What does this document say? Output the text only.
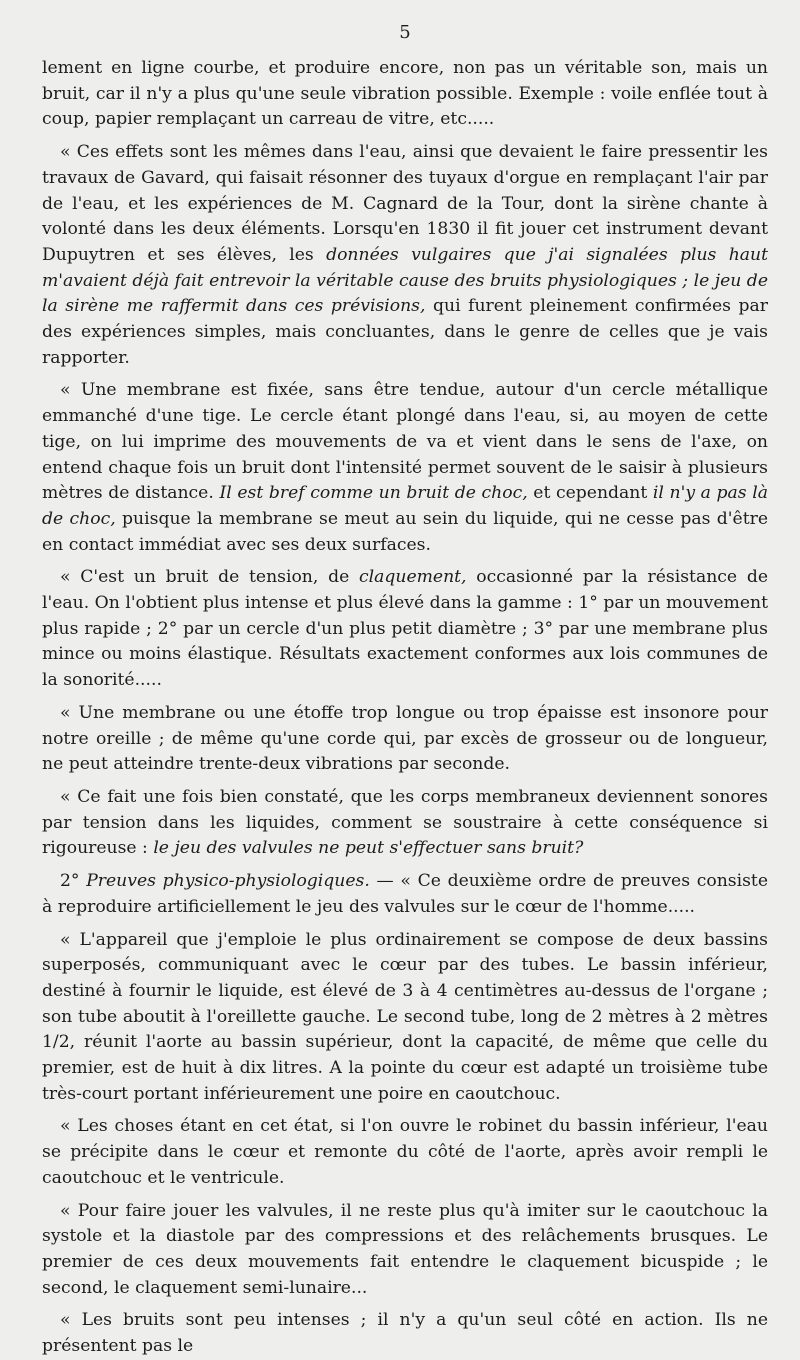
5

lement en ligne courbe, et produire encore, non pas un véritable son, mais un bruit, car il n'y a plus qu'une seule vibration possible. Exemple : voile enflée tout à coup, papier remplaçant un carreau de vitre, etc.....

« Ces effets sont les mêmes dans l'eau, ainsi que devaient le faire pressentir les travaux de Gavard, qui faisait résonner des tuyaux d'orgue en remplaçant l'air par de l'eau, et les expériences de M. Cagnard de la Tour, dont la sirène chante à volonté dans les deux éléments. Lorsqu'en 1830 il fit jouer cet instrument devant Dupuytren et ses élèves, les données vulgaires que j'ai signalées plus haut m'avaient déjà fait entrevoir la véritable cause des bruits physiologiques ; le jeu de la sirène me raffermit dans ces prévisions, qui furent pleinement confirmées par des expériences simples, mais concluantes, dans le genre de celles que je vais rapporter.

« Une membrane est fixée, sans être tendue, autour d'un cercle métallique emmanché d'une tige. Le cercle étant plongé dans l'eau, si, au moyen de cette tige, on lui imprime des mouvements de va et vient dans le sens de l'axe, on entend chaque fois un bruit dont l'intensité permet souvent de le saisir à plusieurs mètres de distance. Il est bref comme un bruit de choc, et cependant il n'y a pas là de choc, puisque la membrane se meut au sein du liquide, qui ne cesse pas d'être en contact immédiat avec ses deux surfaces.

« C'est un bruit de tension, de claquement, occasionné par la résistance de l'eau. On l'obtient plus intense et plus élevé dans la gamme : 1° par un mouvement plus rapide ; 2° par un cercle d'un plus petit diamètre ; 3° par une membrane plus mince ou moins élastique. Résultats exactement conformes aux lois communes de la sonorité.....

« Une membrane ou une étoffe trop longue ou trop épaisse est insonore pour notre oreille ; de même qu'une corde qui, par excès de grosseur ou de longueur, ne peut atteindre trente-deux vibrations par seconde.

« Ce fait une fois bien constaté, que les corps membraneux deviennent sonores par tension dans les liquides, comment se soustraire à cette conséquence si rigoureuse : le jeu des valvules ne peut s'effectuer sans bruit?

2° Preuves physico-physiologiques. — « Ce deuxième ordre de preuves consiste à reproduire artificiellement le jeu des valvules sur le cœur de l'homme.....

« L'appareil que j'emploie le plus ordinairement se compose de deux bassins superposés, communiquant avec le cœur par des tubes. Le bassin inférieur, destiné à fournir le liquide, est élevé de 3 à 4 centimètres au-dessus de l'organe ; son tube aboutit à l'oreillette gauche. Le second tube, long de 2 mètres à 2 mètres 1/2, réunit l'aorte au bassin supérieur, dont la capacité, de même que celle du premier, est de huit à dix litres. A la pointe du cœur est adapté un troisième tube très-court portant inférieurement une poire en caoutchouc.

« Les choses étant en cet état, si l'on ouvre le robinet du bassin inférieur, l'eau se précipite dans le cœur et remonte du côté de l'aorte, après avoir rempli le caoutchouc et le ventricule.

« Pour faire jouer les valvules, il ne reste plus qu'à imiter sur le caoutchouc la systole et la diastole par des compressions et des relâchements brusques. Le premier de ces deux mouvements fait entendre le claquement bicuspide ; le second, le claquement semi-lunaire...

« Les bruits sont peu intenses ; il n'y a qu'un seul côté en action. Ils ne présentent pas le
